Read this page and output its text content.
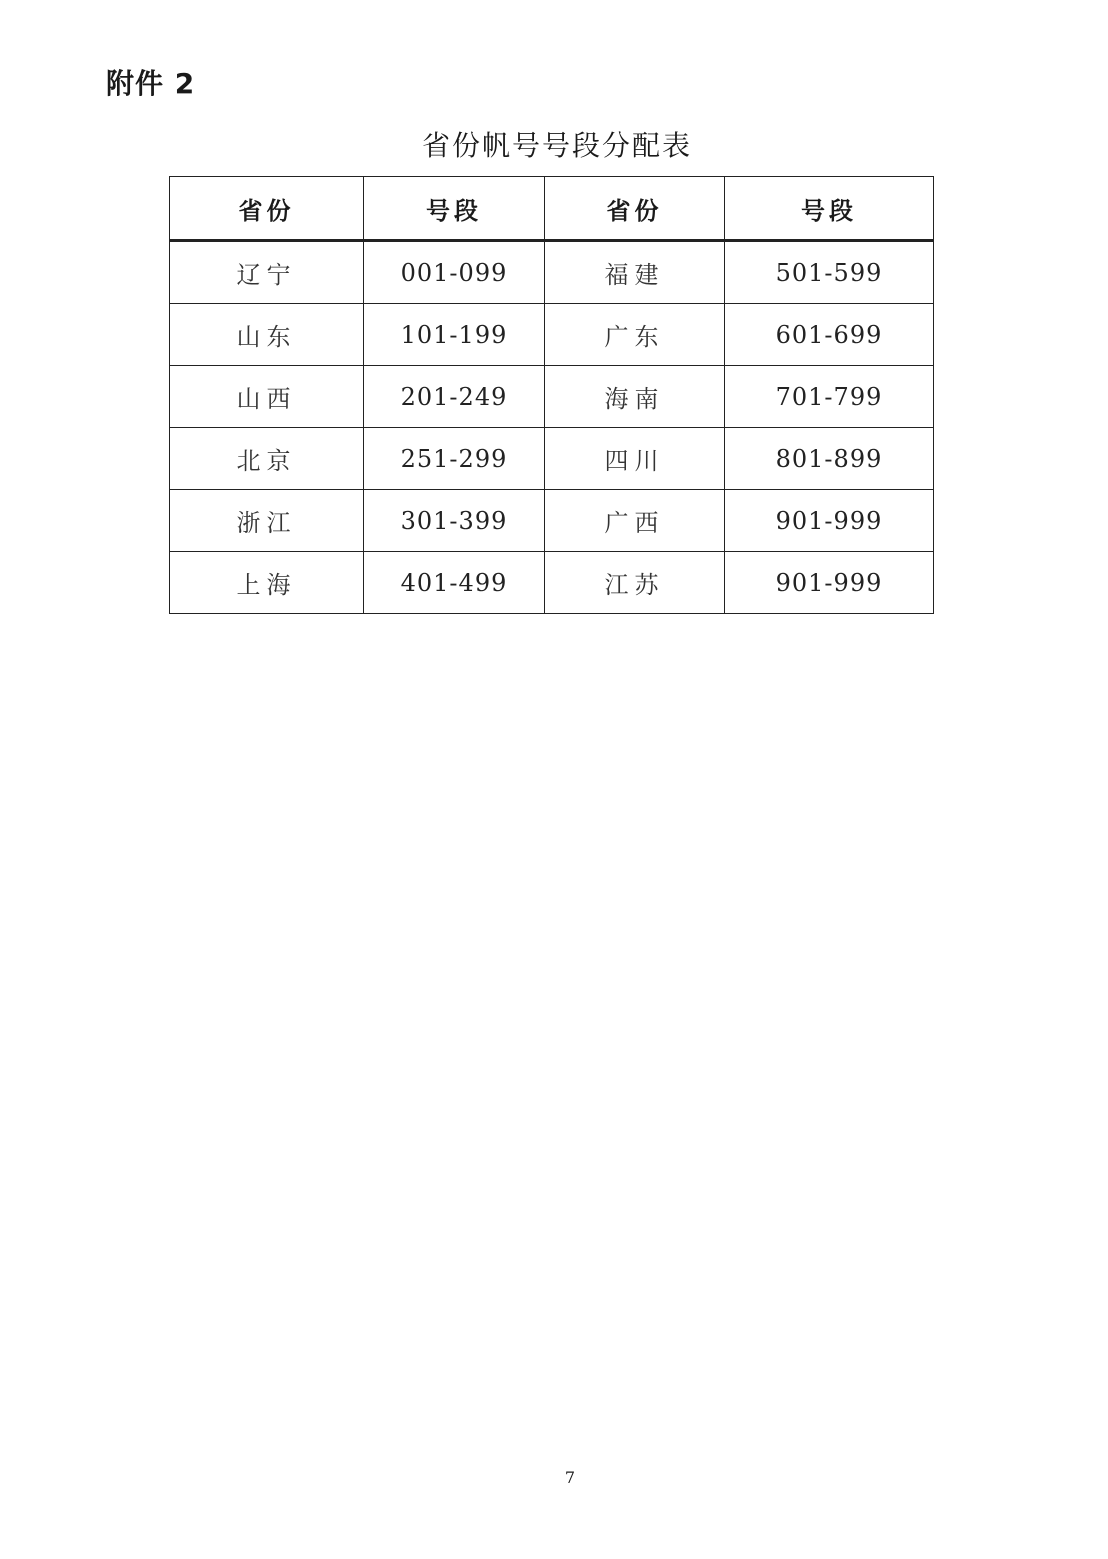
附件 2
省份帆号号段分配表
省份	号段	省份	号段
辽宁	001-099	福建	501-599
山东	101-199	广东	601-699
山西	201-249	海南	701-799
北京	251-299	四川	801-899
浙江	301-399	广西	901-999
上海	401-499	江苏	901-999
7
